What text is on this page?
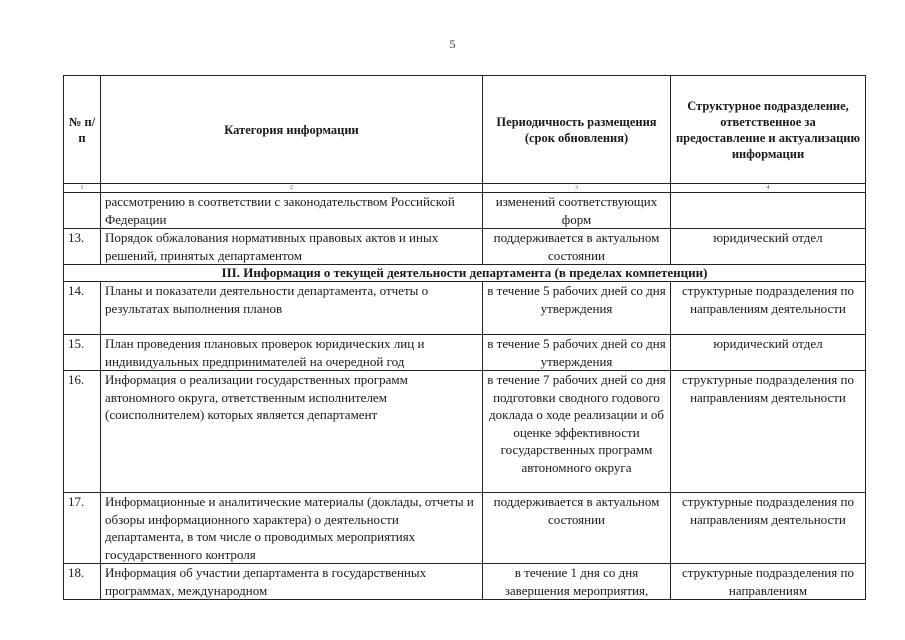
5
№ п/п	Категория информации	Периодичность размещения (срок обновления)	Структурное подразделение, ответственное за предоставление и актуализацию информации
1	2	3	4
	рассмотрению в соответствии с законодательством Российской Федерации	изменений соответствующих форм	
13.	Порядок обжалования нормативных правовых актов и иных решений, принятых департаментом	поддерживается в актуальном состоянии	юридический отдел
III. Информация о текущей деятельности департамента (в пределах компетенции)			
14.	Планы и показатели деятельности департамента, отчеты о результатах выполнения планов	в течение 5 рабочих дней со дня утверждения	структурные подразделения по направлениям деятельности
15.	План проведения плановых проверок юридических лиц и индивидуальных предпринимателей на очередной год	в течение 5 рабочих дней со дня утверждения	юридический отдел
16.	Информация о реализации государственных программ автономного округа, ответственным исполнителем (соисполнителем) которых является департамент	в течение 7 рабочих дней со дня подготовки сводного годового доклада о ходе реализации и об оценке эффективности государственных программ автономного округа	структурные подразделения по направлениям деятельности
17.	Информационные и аналитические материалы (доклады, отчеты и обзоры информационного характера) о деятельности департамента, в том числе о проводимых мероприятиях государственного контроля	поддерживается в актуальном состоянии	структурные подразделения по направлениям деятельности
18.	Информация об участии департамента в государственных программах, международном	в течение 1 дня со дня завершения мероприятия,	структурные подразделения по направлениям
